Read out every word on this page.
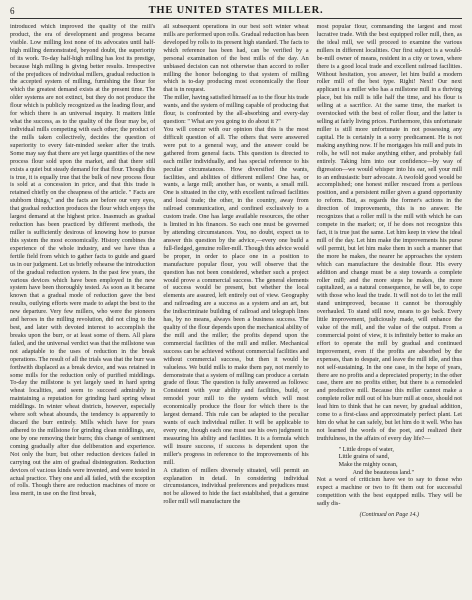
6	THE UNITED STATES MILLER.

introduced which improved the quality of the mill's product, the era of development and progress became visible. Low milling lost none of its advocates until half-high milling demonstrated, beyond doubt, the superiority of its work. To-day half-high milling has lost its prestige, because high milling is giving better results. Irrespective of the prejudices of individual millers, gradual reduction is the accepted system of milling, furnishing the flour for which the greatest demand exists at the present time. The older systems are not extinct, but they do not produce the flour which is publicly recognized as the leading flour, and for which there is an universal inquiry. It matters little what the success, as to the quality of the flour may be, of individual mills competing with each other; the product of the mills taken collectively, decides the question of superiority to every fair-minded seeker after the truth. Some may say that there are yet large quantities of the new process flour sold upon the market, and that there still exists a quiet but steady demand for that flour. Though this is true, it is equally true that the bulk of new process flour is sold at a concession in price, and that this trade is retained chiefly on the cheapness of the article. " Facts are stubborn things," and the facts are before our very eyes, that gradual reduction produces the flour which enjoys the largest demand at the highest price. Inasmuch as gradual reduction has been practiced by different methods, the miller is sufficiently desirous of knowing how to pursue this system the most economically. History combines the experience of the whole industry, and we have thus a fertile field from which to gather facts to guide and guard us in our judgment. Let us briefly rehearse the introduction of the gradual reduction system. In the past few years, the various devices which have been employed in the new system have been thoroughly tested. As soon as it became known that a gradual mode of reduction gave the best results, outlying efforts were made to adapt the best to the new departure. Very few millers, who were the pioneers and heroes in the milling revolution, did not cling to the best, and later with devoted interest to accomplish the breaks upon the burr, or at least some of them. All plans failed, and the universal verdict was that the millstone was not adaptable to the uses of reduction in the break operations. The result of all the trials was that the burr was forthwith displaced as a break device, and was retained in some mills for the reduction only of purified middlings. To-day the millstone is yet largely used in hard spring wheat localities, and seem to succeed admirably in maintaining a reputation for grinding hard spring wheat middlings. In winter wheat districts, however, especially where soft wheat abounds, the tendency is apparently to discard the burr entirely. Mills which have for years adhered to the millstone for grinding clean middlings, are, one by one removing their burrs; this change of sentiment coming gradually after due deliberation and experience. Not only the burr, but other reduction devices failed in carrying out the aim of gradual disintegration. Reduction devices of var.ious kinds were invented, and were tested in actual practice. They one and all failed, with the exception of rolls. Though there are reduction machines of more or less merit, in use on the first break,

all subsequent operations in our best soft winter wheat mills are performed upon rolls. Gradual reduction has been developed by rolls to its present high standard. The facts to which reference has been had, can be verified by a personal examination of the best mills of the day. An unbiased decision can not otherwise than accord to roller milling the honor belonging to that system of milling which is to-day producing most economically the flour that is in request.

The miller, having satisfied himself as to the flour his trade wants, and the system of milling capable of producing that flour, is confronted by the all-absorbing and every-day question: " What are you going to do about it ?"

You will concur with our opinion that this is the most difficult question of all. The others that were answered were put to a general way, and the answer could be gathered from general facts. This question is directed to each miller individually, and has special reference to his peculiar circumstances. How diversified the wants, facilities, and abilities of different millers! One has, or wants, a large mill; another has, or wants, a small mill. One is situated in the city, with excellent railroad facilities and local trade; the other, in the country, away from railroad communication, and confined exclusively to a custom trade. One has large available resources, the other is limited in his finances. So each one must be governed by attending circumstances. You, no doubt, expect us to answer this question by the advice,—every one build a full-fledged, genuine roller-mill. Though this advice would be proper, in order to place one in a position to manufacture popular flour, you will observe that the question has not been considered, whether such a project would prove a commercial success. The general elements of success would be present, but whether the local elements are assured, left entirely out of view. Geography and railroading are a success as a system and an art, but the indiscriminate building of railroad and telegraph lines has, by no means, always been a business success. The quality of the flour depends upon the mechanical ability of the mill and the miller; the profits depend upon the commercial facilities of the mill and miller. Mechanical success can be achieved without commercial facilities and without commercial success, but then it would be valueless. We build mills to make them pay, not merely to demonstrate that a system of milling can produce a certain grade of flour. The question is fully answered as follows: Consistent with your ability and facilities, build, or remodel your mill to the system which will most economically produce the flour for which there is the largest demand. This rule can be adapted to the peculiar wants of each individual miller. It will be applicable to every one, though each one must use his own judgment in measuring his ability and facilities. It is a formula which will insure success, if success is dependent upon the miller's progress in reference to the improvements of his mill.

A citation of millers diversely situated, will permit an explanation in detail. In considering individual circumstances, individual preferences and prejudices must not be allowed to hide the fact established, that a genuine roller mill will manufacture the

most popular flour, commanding the largest and most lucrative trade. With the best equipped roller mill, then, as the ideal mill, we will proceed to examine the various millers in different localities. Our first subject is a would-be-mill owner of means, resident in a city or town, where there is a good local trade and excellent railroad facilities. Without hesitation, you answer, let him build a modern roller mill of the best type. Right! Next! Our next applicant is a miller who has a millstone mill in a thriving place, but his mill is idle half the time, and his flour is selling at a sacrifice. At the same time, the market is overstocked with the best of roller flour, and the latter is selling at fairly living prices. Furthermore, this unfortunate miller is still more unfortunate in not possessing any capital. He is certainly in a sorry predicament. He is not making anything now. If he mortgages his mill and puts in rolls, he will not make anything either, and probably fail entirely. Taking him into our confidence—by way of digression—we would whisper into his ear, sell your mill to an enthusiastic burr advocate. A twofold good would be accomplished; one honest miller rescued from a perilous position, and a persistent miller given a grand opportunity to reform. But, as regards the former's actions in the direction of improvements, this is no answer. He recognizes that a roller mill is the mill with which he can compete in the market; or, if he does not recognize this fact, it is true just the same. Let him keep in view the ideal mill of the day. Let him make the improvements his purse will permit, but let him make them in such a manner that the more he makes, the nearer he approaches the system which can manufacture the desirable flour. His every addition and change must be a step towards a complete roller mill; and the more steps he makes, the more capitalized, as a natural consequence, he will be, to cope with those who lead the trade. It will not do to let the mill stand unimproved, because it cannot be thoroughly overhauled. To stand still now, means to go back. Every little improvement, judiciously made, will enhance the value of the mill, and the value of the output. From a commercial point of view, it is infinitely better to make an effort to operate the mill by gradual and continued improvement, even if the profits are absorbed by the expenses, than to despair, and leave the mill idle, and thus not self-sustaining. In the one case, in the hope of years, there are no profits and a depreciated property; in the other case, there are no profits either, but there is a remodeled and productive mill. Because this miller cannot make a complete roller mill out of his burr mill at once, should not lead him to think that he can never, by gradual addition, come to a first-class and approximately perfect plant. Let him do what he can safely, but let him do it well. Who has not learned the words of the poet, and realized their truthfulness, in the affairs of every day life?—

" Little drops of water,
Little grains of sand,
Make the mighty ocean,
And the beauteous land."

Not a word of criticism have we to say to those who expect a machine or two to fit them out for successful competition with the best equipped mills. They will be sadly dis-

(Continued on Page 14.)
